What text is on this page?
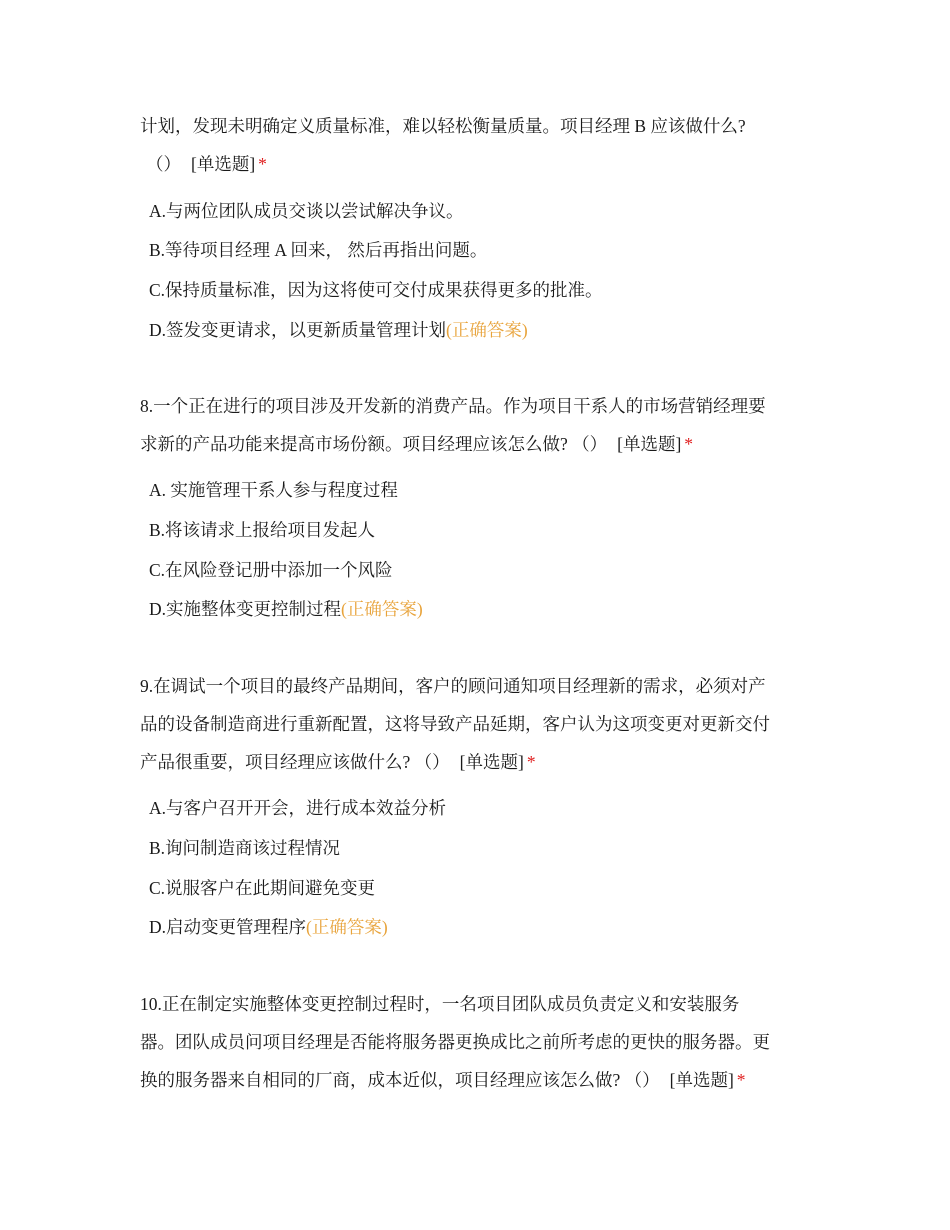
计划，发现未明确定义质量标准，难以轻松衡量质量。项目经理 B 应该做什么?
（） [单选题] *
A.与两位团队成员交谈以尝试解决争议。
B.等待项目经理 A 回来， 然后再指出问题。
C.保持质量标准，因为这将使可交付成果获得更多的批准。
D.签发变更请求，以更新质量管理计划(正确答案)
8.一个正在进行的项目涉及开发新的消费产品。作为项目干系人的市场营销经理要
求新的产品功能来提高市场份额。项目经理应该怎么做? （） [单选题] *
A. 实施管理干系人参与程度过程
B.将该请求上报给项目发起人
C.在风险登记册中添加一个风险
D.实施整体变更控制过程(正确答案)
9.在调试一个项目的最终产品期间，客户的顾问通知项目经理新的需求，必须对产
品的设备制造商进行重新配置，这将导致产品延期，客户认为这项变更对更新交付
产品很重要，项目经理应该做什么? （） [单选题] *
A.与客户召开开会，进行成本效益分析
B.询问制造商该过程情况
C.说服客户在此期间避免变更
D.启动变更管理程序(正确答案)
10.正在制定实施整体变更控制过程时，一名项目团队成员负责定义和安装服务
器。团队成员问项目经理是否能将服务器更换成比之前所考虑的更快的服务器。更
换的服务器来自相同的厂商，成本近似，项目经理应该怎么做? （） [单选题] *
